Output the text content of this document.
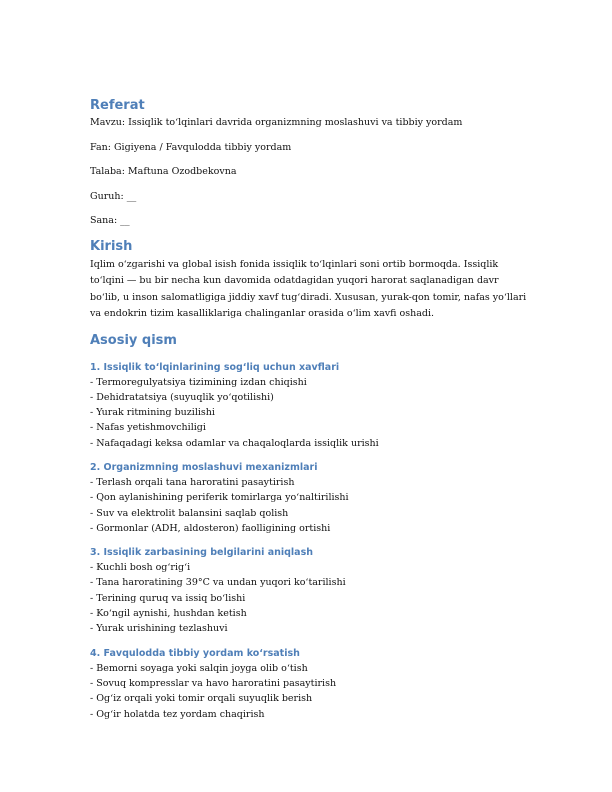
Referat
Mavzu: Issiqlik to‘lqinlari davrida organizmning moslashuvi va tibbiy yordam
Fan: Gigiyena / Favqulodda tibbiy yordam
Talaba: Maftuna Ozodbekovna
Guruh: __
Sana: __
Kirish
Iqlim o‘zgarishi va global isish fonida issiqlik to‘lqinlari soni ortib bormoqda. Issiqlik to‘lqini — bu bir necha kun davomida odatdagidan yuqori harorat saqlanadigan davr bo‘lib, u inson salomatligiga jiddiy xavf tug‘diradi. Xususan, yurak-qon tomir, nafas yo‘llari va endokrin tizim kasalliklariga chalinganlar orasida o‘lim xavfi oshadi.
Asosiy qism
1. Issiqlik to‘lqinlarining sog‘liq uchun xavflari
- Termoregulyatsiya tizimining izdan chiqishi
- Dehidratatsiya (suyuqlik yo‘qotilishi)
- Yurak ritmining buzilishi
- Nafas yetishmovchiligi
- Nafaqadagi keksa odamlar va chaqaloqlarda issiqlik urishi
2. Organizmning moslashuvi mexanizmlari
- Terlash orqali tana haroratini pasaytirish
- Qon aylanishining periferik tomirlarga yo‘naltirilishi
- Suv va elektrolit balansini saqlab qolish
- Gormonlar (ADH, aldosteron) faolligining ortishi
3. Issiqlik zarbasining belgilarini aniqlash
- Kuchli bosh og‘rig‘i
- Tana haroratining 39°C va undan yuqori ko‘tarilishi
- Terining quruq va issiq bo‘lishi
- Ko‘ngil aynishi, hushdan ketish
- Yurak urishining tezlashuvi
4. Favqulodda tibbiy yordam ko‘rsatish
- Bemorni soyaga yoki salqin joyga olib o‘tish
- Sovuq kompresslar va havo haroratini pasaytirish
- Og‘iz orqali yoki tomir orqali suyuqlik berish
- Og‘ir holatda tez yordam chaqirish
